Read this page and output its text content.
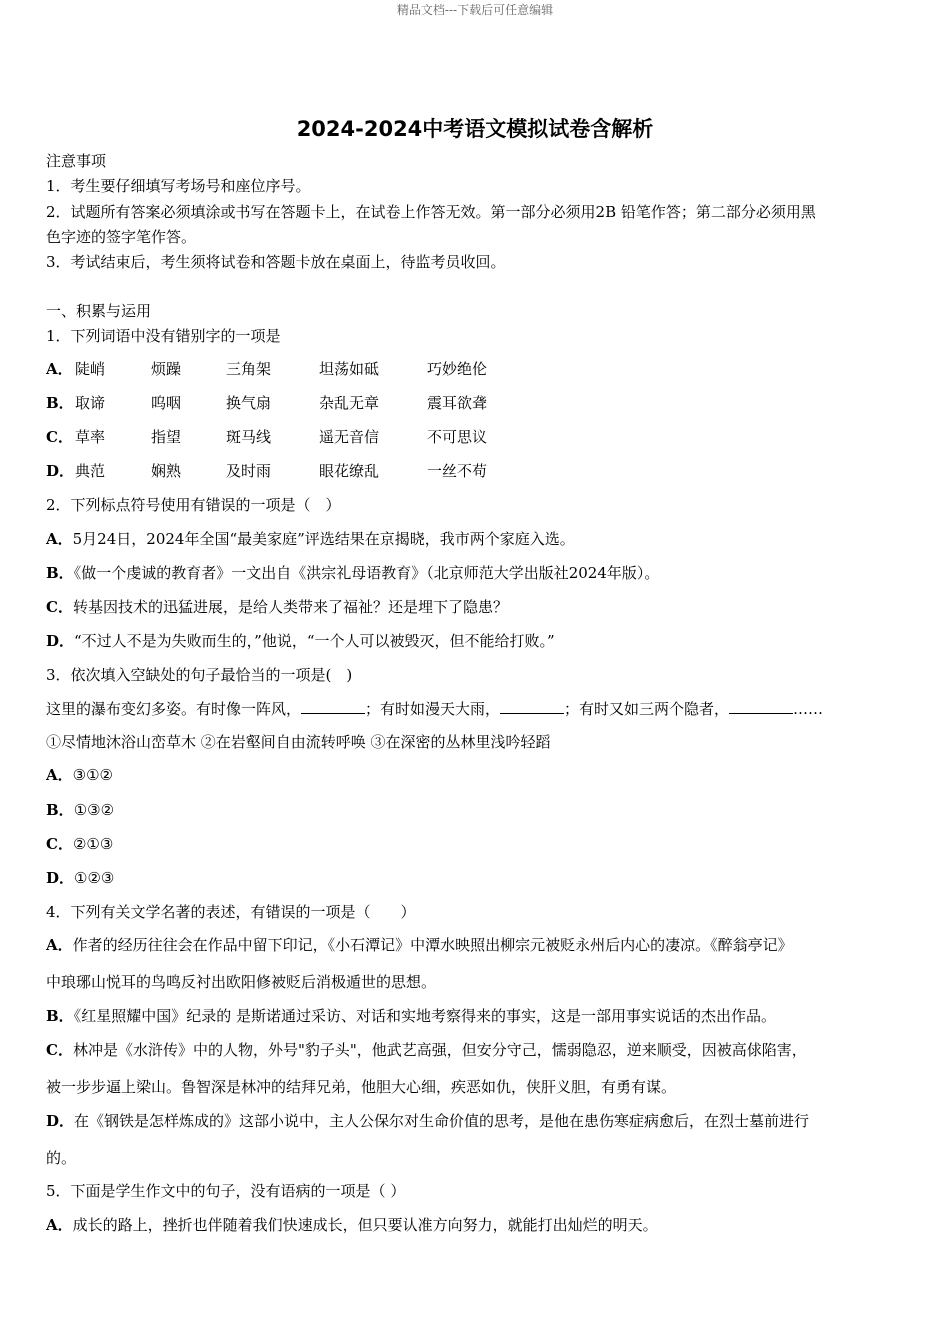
精品文档---下载后可任意编辑
2024-2024中考语文模拟试卷含解析
注意事项
1．考生要仔细填写考场号和座位序号。
2．试题所有答案必须填涂或书写在答题卡上，在试卷上作答无效。第一部分必须用2B 铅笔作答；第二部分必须用黑
色字迹的签字笔作答。
3．考试结束后，考生须将试卷和答题卡放在桌面上，待监考员收回。
一、积累与运用
1．下列词语中没有错别字的一项是
A． 陡峭	烦躁	三角架	坦荡如砥	巧妙绝伦
B．取谛	呜咽	换气扇	杂乱无章	震耳欲聋
C． 草率	指望	斑马线	遥无音信	不可思议
D．典范	娴熟	及时雨	眼花缭乱	一丝不苟
2．下列标点符号使用有错误的一项是（　）
A．5月24日，2024年全国“最美家庭”评选结果在京揭晓，我市两个家庭入选。
B．《做一个虔诚的教育者》一文出自《洪宗礼母语教育》（北京师范大学出版社2024年版）。
C．转基因技术的迅猛进展，是给人类带来了福祉？还是埋下了隐患？
D．“不过人不是为失败而生的，”他说，“一个人可以被毁灭，但不能给打败。”
3．依次填入空缺处的句子最恰当的一项是(　)
这里的瀑布变幻多姿。有时像一阵风，	；有时如漫天大雨，	；有时又如三两个隐者，	……
①尽情地沐浴山峦草木 ②在岩壑间自由流转呼唤 ③在深密的丛林里浅吟轻蹈
A．③①②
B．①③②
C．②①③
D．①②③
4．下列有关文学名著的表述，有错误的一项是（　　）
A．作者的经历往往会在作品中留下印记，《小石潭记》中潭水映照出柳宗元被贬永州后内心的凄凉。《醉翁亭记》
中琅琊山悦耳的鸟鸣反衬出欧阳修被贬后消极遁世的思想。
B．《红星照耀中国》纪录的 是斯诺通过采访、对话和实地考察得来的事实，这是一部用事实说话的杰出作品。
C．林冲是《水浒传》中的人物，外号"豹子头"，他武艺高强，但安分守己，懦弱隐忍，逆来顺受，因被高俅陷害，
被一步步逼上梁山。鲁智深是林冲的结拜兄弟，他胆大心细，疾恶如仇，侠肝义胆，有勇有谋。
D．在《钢铁是怎样炼成的》这部小说中，主人公保尔对生命价值的思考，是他在患伤寒症病愈后，在烈士墓前进行
的。
5．下面是学生作文中的句子，没有语病的一项是（ ）
A．成长的路上，挫折也伴随着我们快速成长，但只要认准方向努力，就能打出灿烂的明天。
